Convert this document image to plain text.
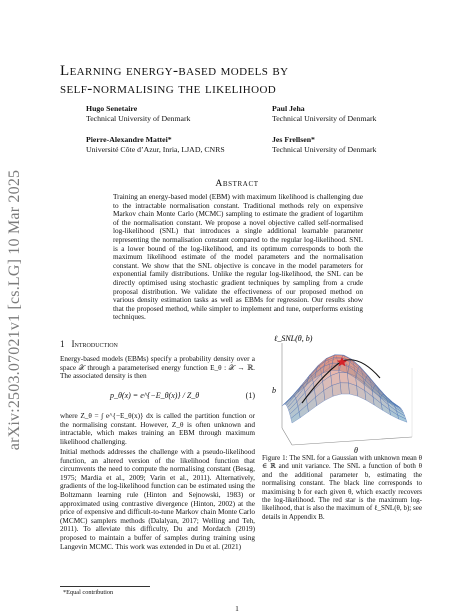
arXiv:2503.07021v1 [cs.LG] 10 Mar 2025
Learning energy-based models by
self-normalising the likelihood
Hugo Senetaire
Technical University of Denmark
Paul Jeha
Technical University of Denmark
Pierre-Alexandre Mattei*
Université Côte d’Azur, Inria, LJAD, CNRS
Jes Frellsen*
Technical University of Denmark
Abstract
Training an energy-based model (EBM) with maximum likelihood is challenging due to the intractable normalisation constant. Traditional methods rely on expensive Markov chain Monte Carlo (MCMC) sampling to estimate the gradient of logartihm of the normalisation constant. We propose a novel objective called self-normalised log-likelihood (SNL) that introduces a single additional learnable parameter representing the normalisation constant compared to the regular log-likelihood. SNL is a lower bound of the log-likelihood, and its optimum corresponds to both the maximum likelihood estimate of the model parameters and the normalisation constant. We show that the SNL objective is concave in the model parameters for exponential family distributions. Unlike the regular log-likelihood, the SNL can be directly optimised using stochastic gradient techniques by sampling from a crude proposal distribution. We validate the effectiveness of our proposed method on various density estimation tasks as well as EBMs for regression. Our results show that the proposed method, while simpler to implement and tune, outperforms existing techniques.
1 Introduction
Energy-based models (EBMs) specify a probability density over a space 𝒳 through a parameterised energy function E_θ : 𝒳 → ℝ. The associated density is then
p_θ(x) = e^{−E_θ(x)} / Z_θ	(1)
where Z_θ = ∫ e^{−E_θ(x)} dx is called the partition function or the normalising constant. However, Z_θ is often unknown and intractable, which makes training an EBM through maximum likelihood challenging.
Initial methods addresses the challenge with a pseudo-likelihood function, an altered version of the likelihood function that circumvents the need to compute the normalising constant (Besag, 1975; Mardia et al., 2009; Varin et al., 2011). Alternatively, gradients of the log-likelihood function can be estimated using the Boltzmann learning rule (Hinton and Sejnowski, 1983) or approximated using contrastive divergence (Hinton, 2002) at the price of expensive and difficult-to-tune Markov chain Monte Carlo (MCMC) samplers methods (Dalalyan, 2017; Welling and Teh, 2011). To alleviate this difficulty, Du and Mordatch (2019) proposed to maintain a buffer of samples during training using Langevin MCMC. This work was extended in Du et al. (2021)
ℓ_SNL(θ, b)
b
θ
Figure 1: The SNL for a Gaussian with unknown mean θ ∈ ℝ and unit variance. The SNL a function of both θ and the additional parameter b, estimating the normalising constant. The black line corresponds to maximising b for each given θ, which exactly recovers the log-likelihood. The red star is the maximum log-likelihood, that is also the maximum of ℓ_SNL(θ, b); see details in Appendix B.
*Equal contribution
1
